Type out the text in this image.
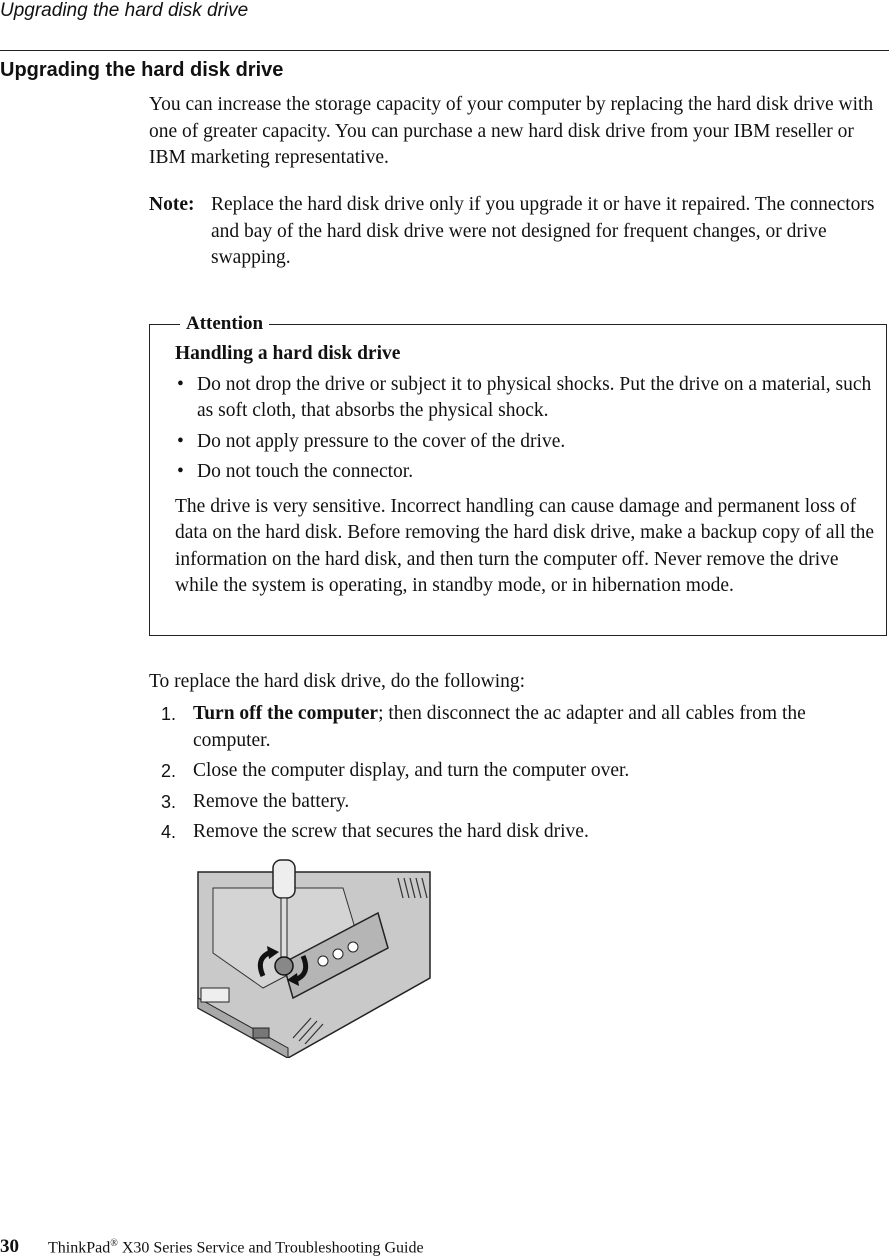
Upgrading the hard disk drive
Upgrading the hard disk drive
You can increase the storage capacity of your computer by replacing the hard disk drive with one of greater capacity. You can purchase a new hard disk drive from your IBM reseller or IBM marketing representative.
Note: Replace the hard disk drive only if you upgrade it or have it repaired. The connectors and bay of the hard disk drive were not designed for frequent changes, or drive swapping.
Attention
Handling a hard disk drive
• Do not drop the drive or subject it to physical shocks. Put the drive on a material, such as soft cloth, that absorbs the physical shock.
• Do not apply pressure to the cover of the drive.
• Do not touch the connector.
The drive is very sensitive. Incorrect handling can cause damage and permanent loss of data on the hard disk. Before removing the hard disk drive, make a backup copy of all the information on the hard disk, and then turn the computer off. Never remove the drive while the system is operating, in standby mode, or in hibernation mode.
To replace the hard disk drive, do the following:
1. Turn off the computer; then disconnect the ac adapter and all cables from the computer.
2. Close the computer display, and turn the computer over.
3. Remove the battery.
4. Remove the screw that secures the hard disk drive.
30 ThinkPad® X30 Series Service and Troubleshooting Guide
